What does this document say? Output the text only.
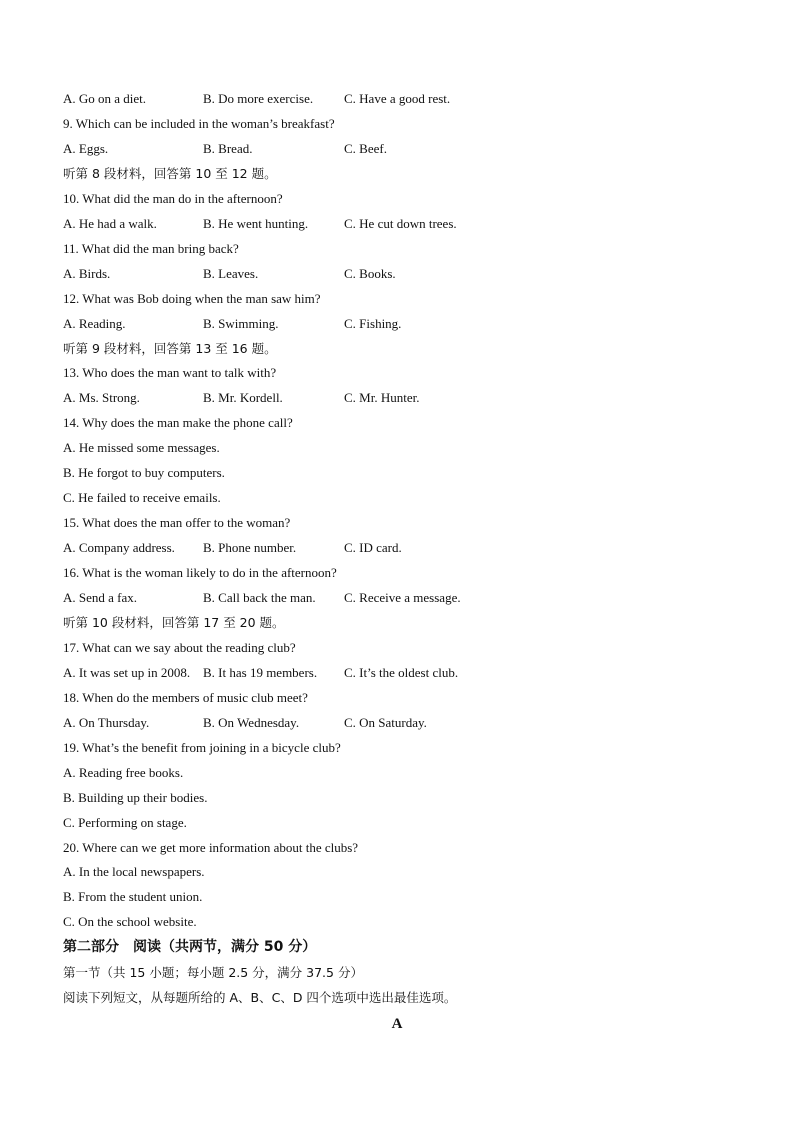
A. Go on a diet.	B. Do more exercise. C. Have a good rest.
9. Which can be included in the woman’s breakfast?
A. Eggs.	B. Bread.	C. Beef.
听第 8 段材料，回答第 10 至 12 题。
10. What did the man do in the afternoon?
A. He had a walk.	B. He went hunting.	C. He cut down trees.
11. What did the man bring back?
A. Birds.	B. Leaves.	C. Books.
12. What was Bob doing when the man saw him?
A. Reading.	B. Swimming.	C. Fishing.
听第 9 段材料，回答第 13 至 16 题。
13. Who does the man want to talk with?
A. Ms. Strong.	B. Mr. Kordell.	C. Mr. Hunter.
14. Why does the man make the phone call?
A. He missed some messages.
B. He forgot to buy computers.
C. He failed to receive emails.
15. What does the man offer to the woman?
A. Company address. B. Phone number.	C. ID card.
16. What is the woman likely to do in the afternoon?
A. Send a fax.	B. Call back the man. C. Receive a message.
听第 10 段材料，回答第 17 至 20 题。
17. What can we say about the reading club?
A. It was set up in 2008. B. It has 19 members. C. It’s the oldest club.
18. When do the members of music club meet?
A. On Thursday.	B. On Wednesday.	C. On Saturday.
19. What’s the benefit from joining in a bicycle club?
A. Reading free books.
B. Building up their bodies.
C. Performing on stage.
20. Where can we get more information about the clubs?
A. In the local newspapers.
B. From the student union.
C. On the school website.
第二部分　阅读（共两节，满分 50 分）
第一节（共 15 小题；每小题 2.5 分，满分 37.5 分）
阅读下列短文，从每题所给的 A、B、C、D 四个选项中选出最佳选项。
A
